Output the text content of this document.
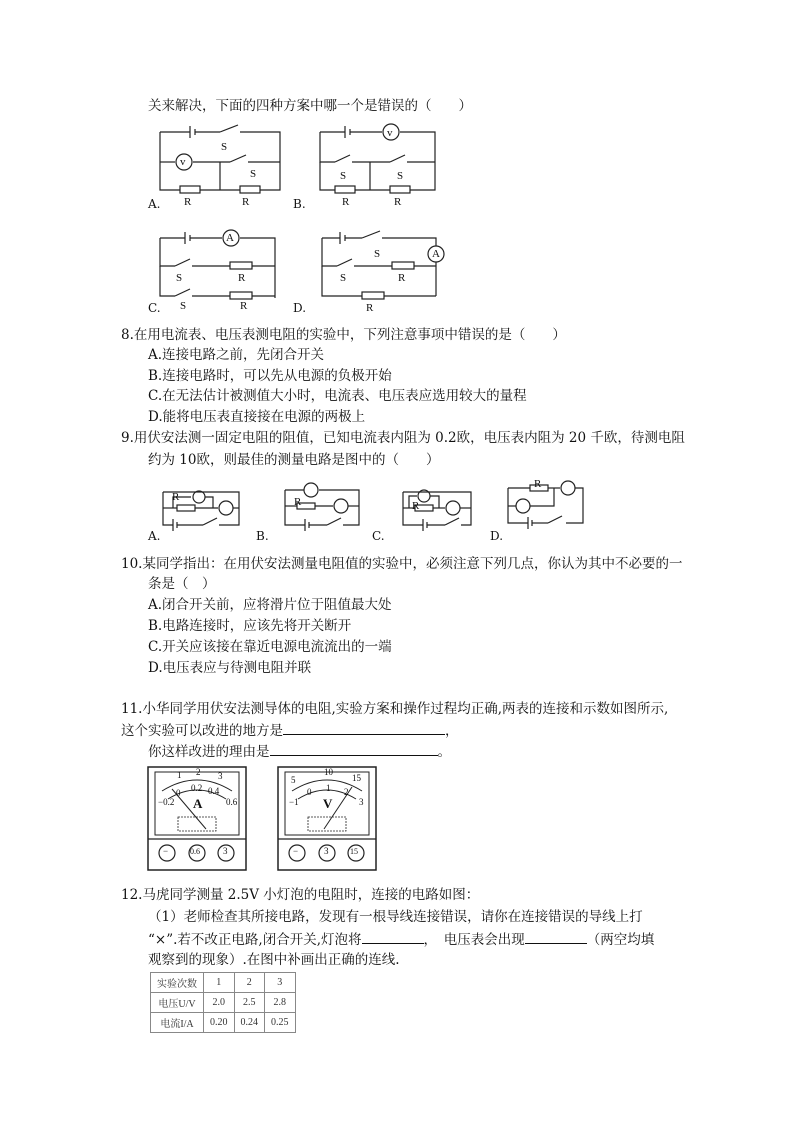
关来解决，下面的四种方案中哪一个是错误的（　　）
v
S
S
R	R
A.
v
S	S
R	R
B.
A
S	R
S	R
C.
A
S
S	R
R
D.
8.在用电流表、电压表测电阻的实验中，下列注意事项中错误的是（　　）
A.连接电路之前，先闭合开关
B.连接电路时，可以先从电源的负极开始
C.在无法估计被测值大小时，电流表、电压表应选用较大的量程
D.能将电压表直接接在电源的两极上
9.用伏安法测一固定电阻的阻值，已知电流表内阻为 0.2欧，电压表内阻为 20 千欧，待测电阻
约为 10欧，则最佳的测量电路是图中的（　　）
R
A.
R
B.
R
C.
R
D.
10.某同学指出：在用伏安法测量电阻值的实验中，必须注意下列几点，你认为其中不必要的一
条是（　）
A.闭合开关前，应将滑片位于阻值最大处
B.电路连接时，应该先将开关断开
C.开关应该接在靠近电源电流流出的一端
D.电压表应与待测电阻并联
11.小华同学用伏安法测导体的电阻,实验方案和操作过程均正确,两表的连接和示数如图所示,
这个实验可以改进的地方是	，
你这样改进的理由是	。
1 2 3
−0.2
0 0.2 0.4
0.6
A
−	0.6	3
5
10
15
−1
0 1 2
3
V
−	3	15
12.马虎同学测量 2.5V 小灯泡的电阻时，连接的电路如图：
（1）老师检查其所接电路，发现有一根导线连接错误，请你在连接错误的导线上打
“×”.若不改正电路,闭合开关,灯泡将	，　电压表会出现	（两空均填
观察到的现象）.在图中补画出正确的连线.
实验次数	1	2	3
电压U/V	2.0	2.5	2.8
电流I/A	0.20	0.24	0.25
